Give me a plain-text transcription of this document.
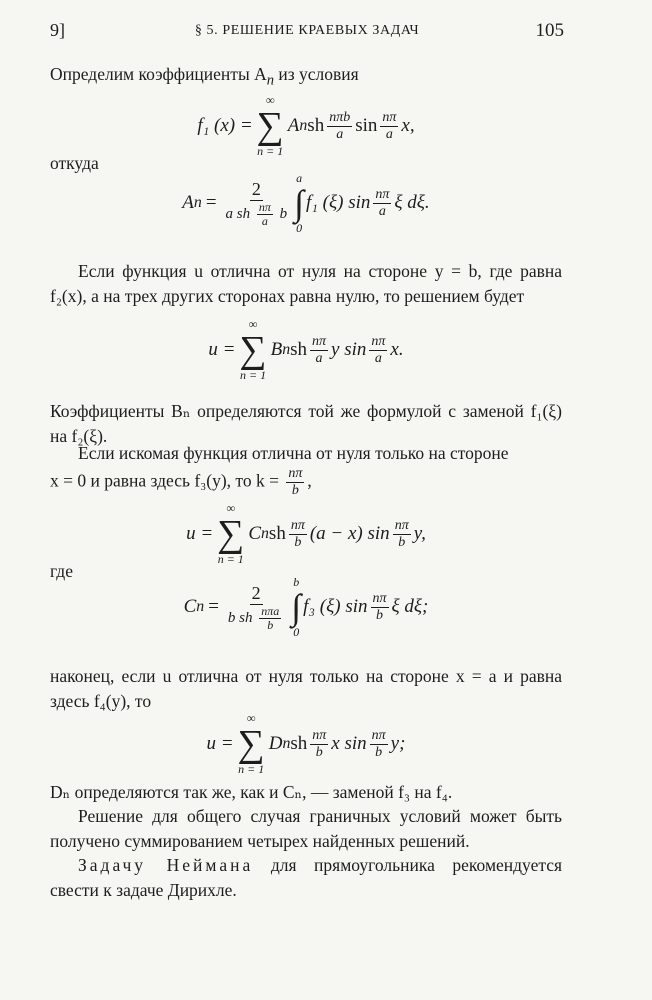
9]	§ 5. РЕШЕНИЕ КРАЕВЫХ ЗАДАЧ	105
Определим коэффициенты $A_n$ из условия
f₁ (x) =
∞
∑
n = 1
A n sh $\frac{\text{nπb}}{a}$ $\sin \frac{n\pi}{a} x$,
откуда
A $n = \frac{2}{a sh \frac{n\pi}{a} b}$ a
∫
0
f₁ (ξ) $\sin \frac{n\pi}{a}$ ξ dξ.
Если функция u отлична от нуля на стороне y = b, где равна f₂(x), а на трех других сторонах равна нулю, то решением будет
u =
∞
∑
n = 1
B n sh $\frac{n\pi}{a}$ y $\sin \frac{n\pi}{a} x$.
Коэффициенты Bₙ определяются той же формулой с заменой f₁(ξ) на f₂(ξ).
Если искомая функция отлична от нуля только на стороне
x = 0 и равна здесь f₃(y), то $k = \frac{n\pi}{b}$ ,
u =
∞
∑
n = 1
C n sh $\frac{n\pi}{b} (a - x)$ $\sin \frac{n\pi}{b} y$,
где
C $n = \frac{2}{b sh \frac{\text{nπa}}{b}}$ b
∫
0
f₃ (ξ) $\sin \frac{n\pi}{b}$ ξ dξ;
наконец, если u отлична от нуля только на стороне x = a и равна здесь f₄(y), то
u =
∞
∑
n = 1
D n sh $\frac{n\pi}{b}$ x $\sin \frac{n\pi}{b} y$;
Dₙ определяются так же, как и Cₙ, — заменой f₃ на f₄.
Решение для общего случая граничных условий может быть получено суммированием четырех найденных решений.
Задачу Неймана для прямоугольника рекомендуется свести к задаче Дирихле.
